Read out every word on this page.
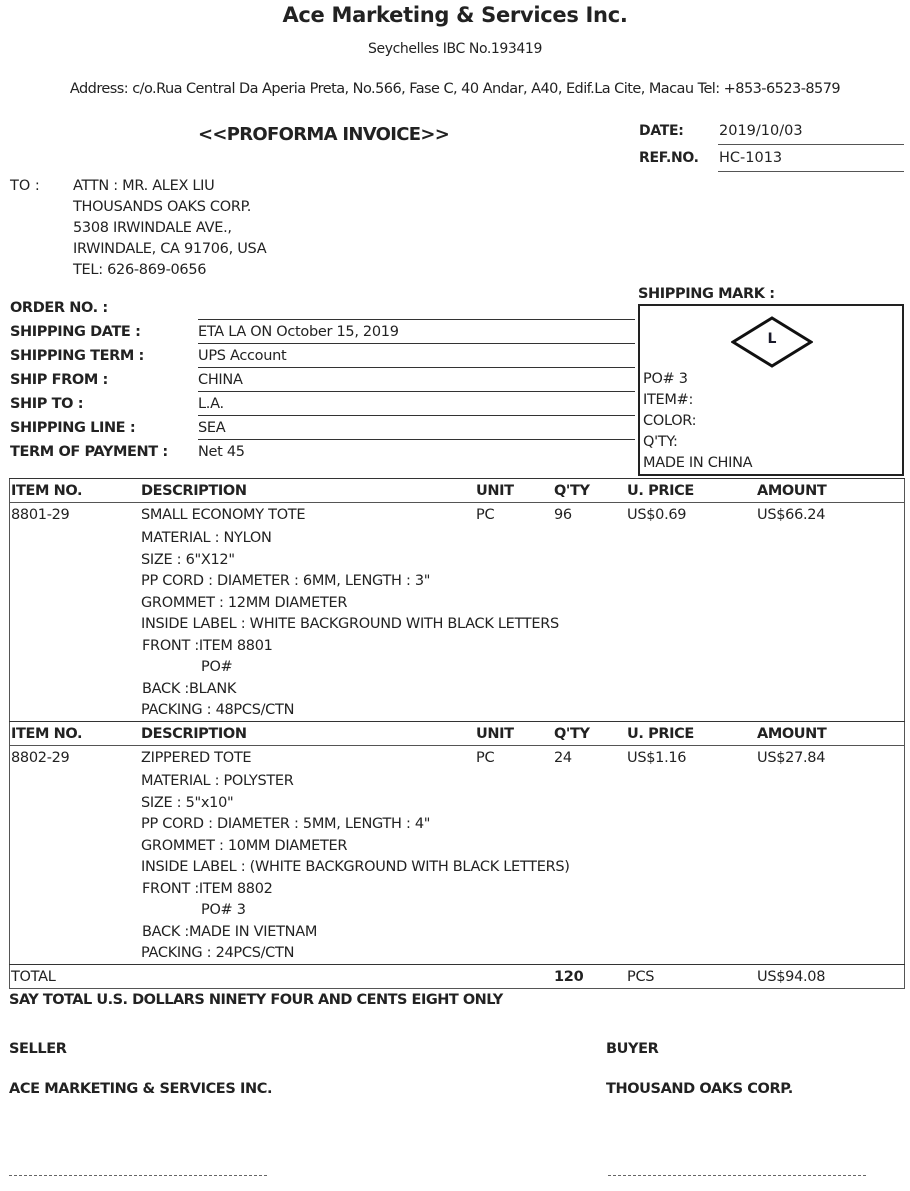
Ace Marketing & Services Inc.
Seychelles IBC No.193419
Address: c/o.Rua Central Da Aperia Preta, No.566, Fase C, 40 Andar, A40, Edif.La Cite, Macau Tel: +853-6523-8579
<<PROFORMA INVOICE>>	DATE: 2019/10/03
REF.NO. HC-1013
TO : ATTN : MR. ALEX LIU
THOUSANDS OAKS CORP.
5308 IRWINDALE AVE.,
IRWINDALE, CA 91706, USA
TEL: 626-869-0656
ORDER NO. :
SHIPPING DATE :	ETA LA ON October 15, 2019
SHIPPING TERM :	UPS Account
SHIP FROM :	CHINA
SHIP TO :	L.A.
SHIPPING LINE :	SEA
TERM OF PAYMENT : Net 45
SHIPPING MARK :
L
PO# 3
ITEM#:
COLOR:
Q'TY:
MADE IN CHINA
ITEM NO.	DESCRIPTION	UNIT	Q'TY	U. PRICE	AMOUNT
8801-29	SMALL ECONOMY TOTE	PC	96	US$0.69	US$66.24
MATERIAL : NYLON
SIZE : 6"X12"
PP CORD : DIAMETER : 6MM, LENGTH : 3"
GROMMET : 12MM DIAMETER
INSIDE LABEL : WHITE BACKGROUND WITH BLACK LETTERS
FRONT :ITEM 8801
PO#
BACK :BLANK
PACKING : 48PCS/CTN
ITEM NO.	DESCRIPTION	UNIT	Q'TY	U. PRICE	AMOUNT
8802-29	ZIPPERED TOTE	PC	24	US$1.16	US$27.84
MATERIAL : POLYSTER
SIZE : 5"x10"
PP CORD : DIAMETER : 5MM, LENGTH : 4"
GROMMET : 10MM DIAMETER
INSIDE LABEL : (WHITE BACKGROUND WITH BLACK LETTERS)
FRONT :ITEM 8802
PO# 3
BACK :MADE IN VIETNAM
PACKING : 24PCS/CTN
TOTAL	120	PCS	US$94.08
SAY TOTAL U.S. DOLLARS NINETY FOUR AND CENTS EIGHT ONLY
SELLER
ACE MARKETING & SERVICES INC.
BUYER
THOUSAND OAKS CORP.
